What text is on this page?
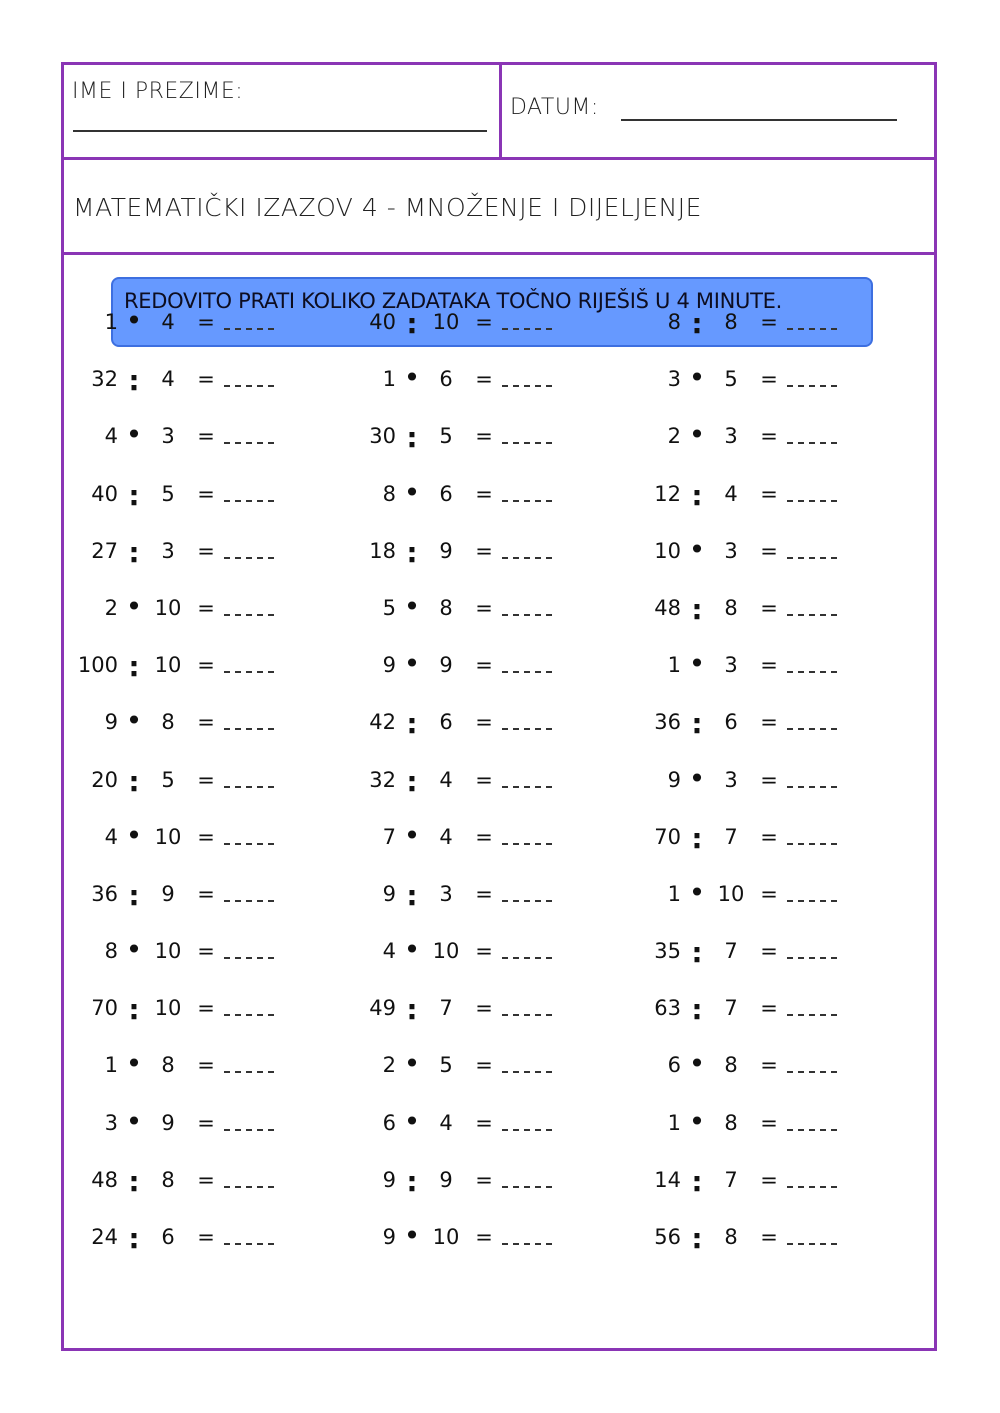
IME I PREZIME:
DATUM:
MATEMATIČKI IZAZOV 4 - MNOŽENJE I DIJELJENJE
REDOVITO PRATI KOLIKO ZADATAKA TOČNO RIJEŠIŠ U 4 MINUTE.
1 • 4	=
32 :	4	=
4 • 3	=
40 :	5	=
27 :	3	=
2 • 10 =
100 : 10 =
9 • 8	=
20 :	5	=
4 • 10 =
36 :	9	=
8 • 10 =
70 : 10 =
1 • 8	=
3 • 9	=
48 :	8	=
24 :	6	=
40 : 10 =
1 • 6	=
30 :	5	=
8 • 6	=
18 :	9	=
5 • 8	=
9 • 9	=
42 :	6	=
32 :	4	=
7 • 4	=
9 :	3	=
4 • 10 =
49 :	7	=
2 • 5	=
6 • 4	=
9 :	9	=
9 • 10 =
8 :	8	=
3 • 5	=
2 • 3	=
12 :	4	=
10 • 3	=
48 :	8	=
1 • 3	=
36 :	6	=
9 • 3	=
70 :	7	=
1 • 10 =
35 :	7	=
63 :	7	=
6 • 8	=
1 • 8	=
14 :	7	=
56 :	8	=
